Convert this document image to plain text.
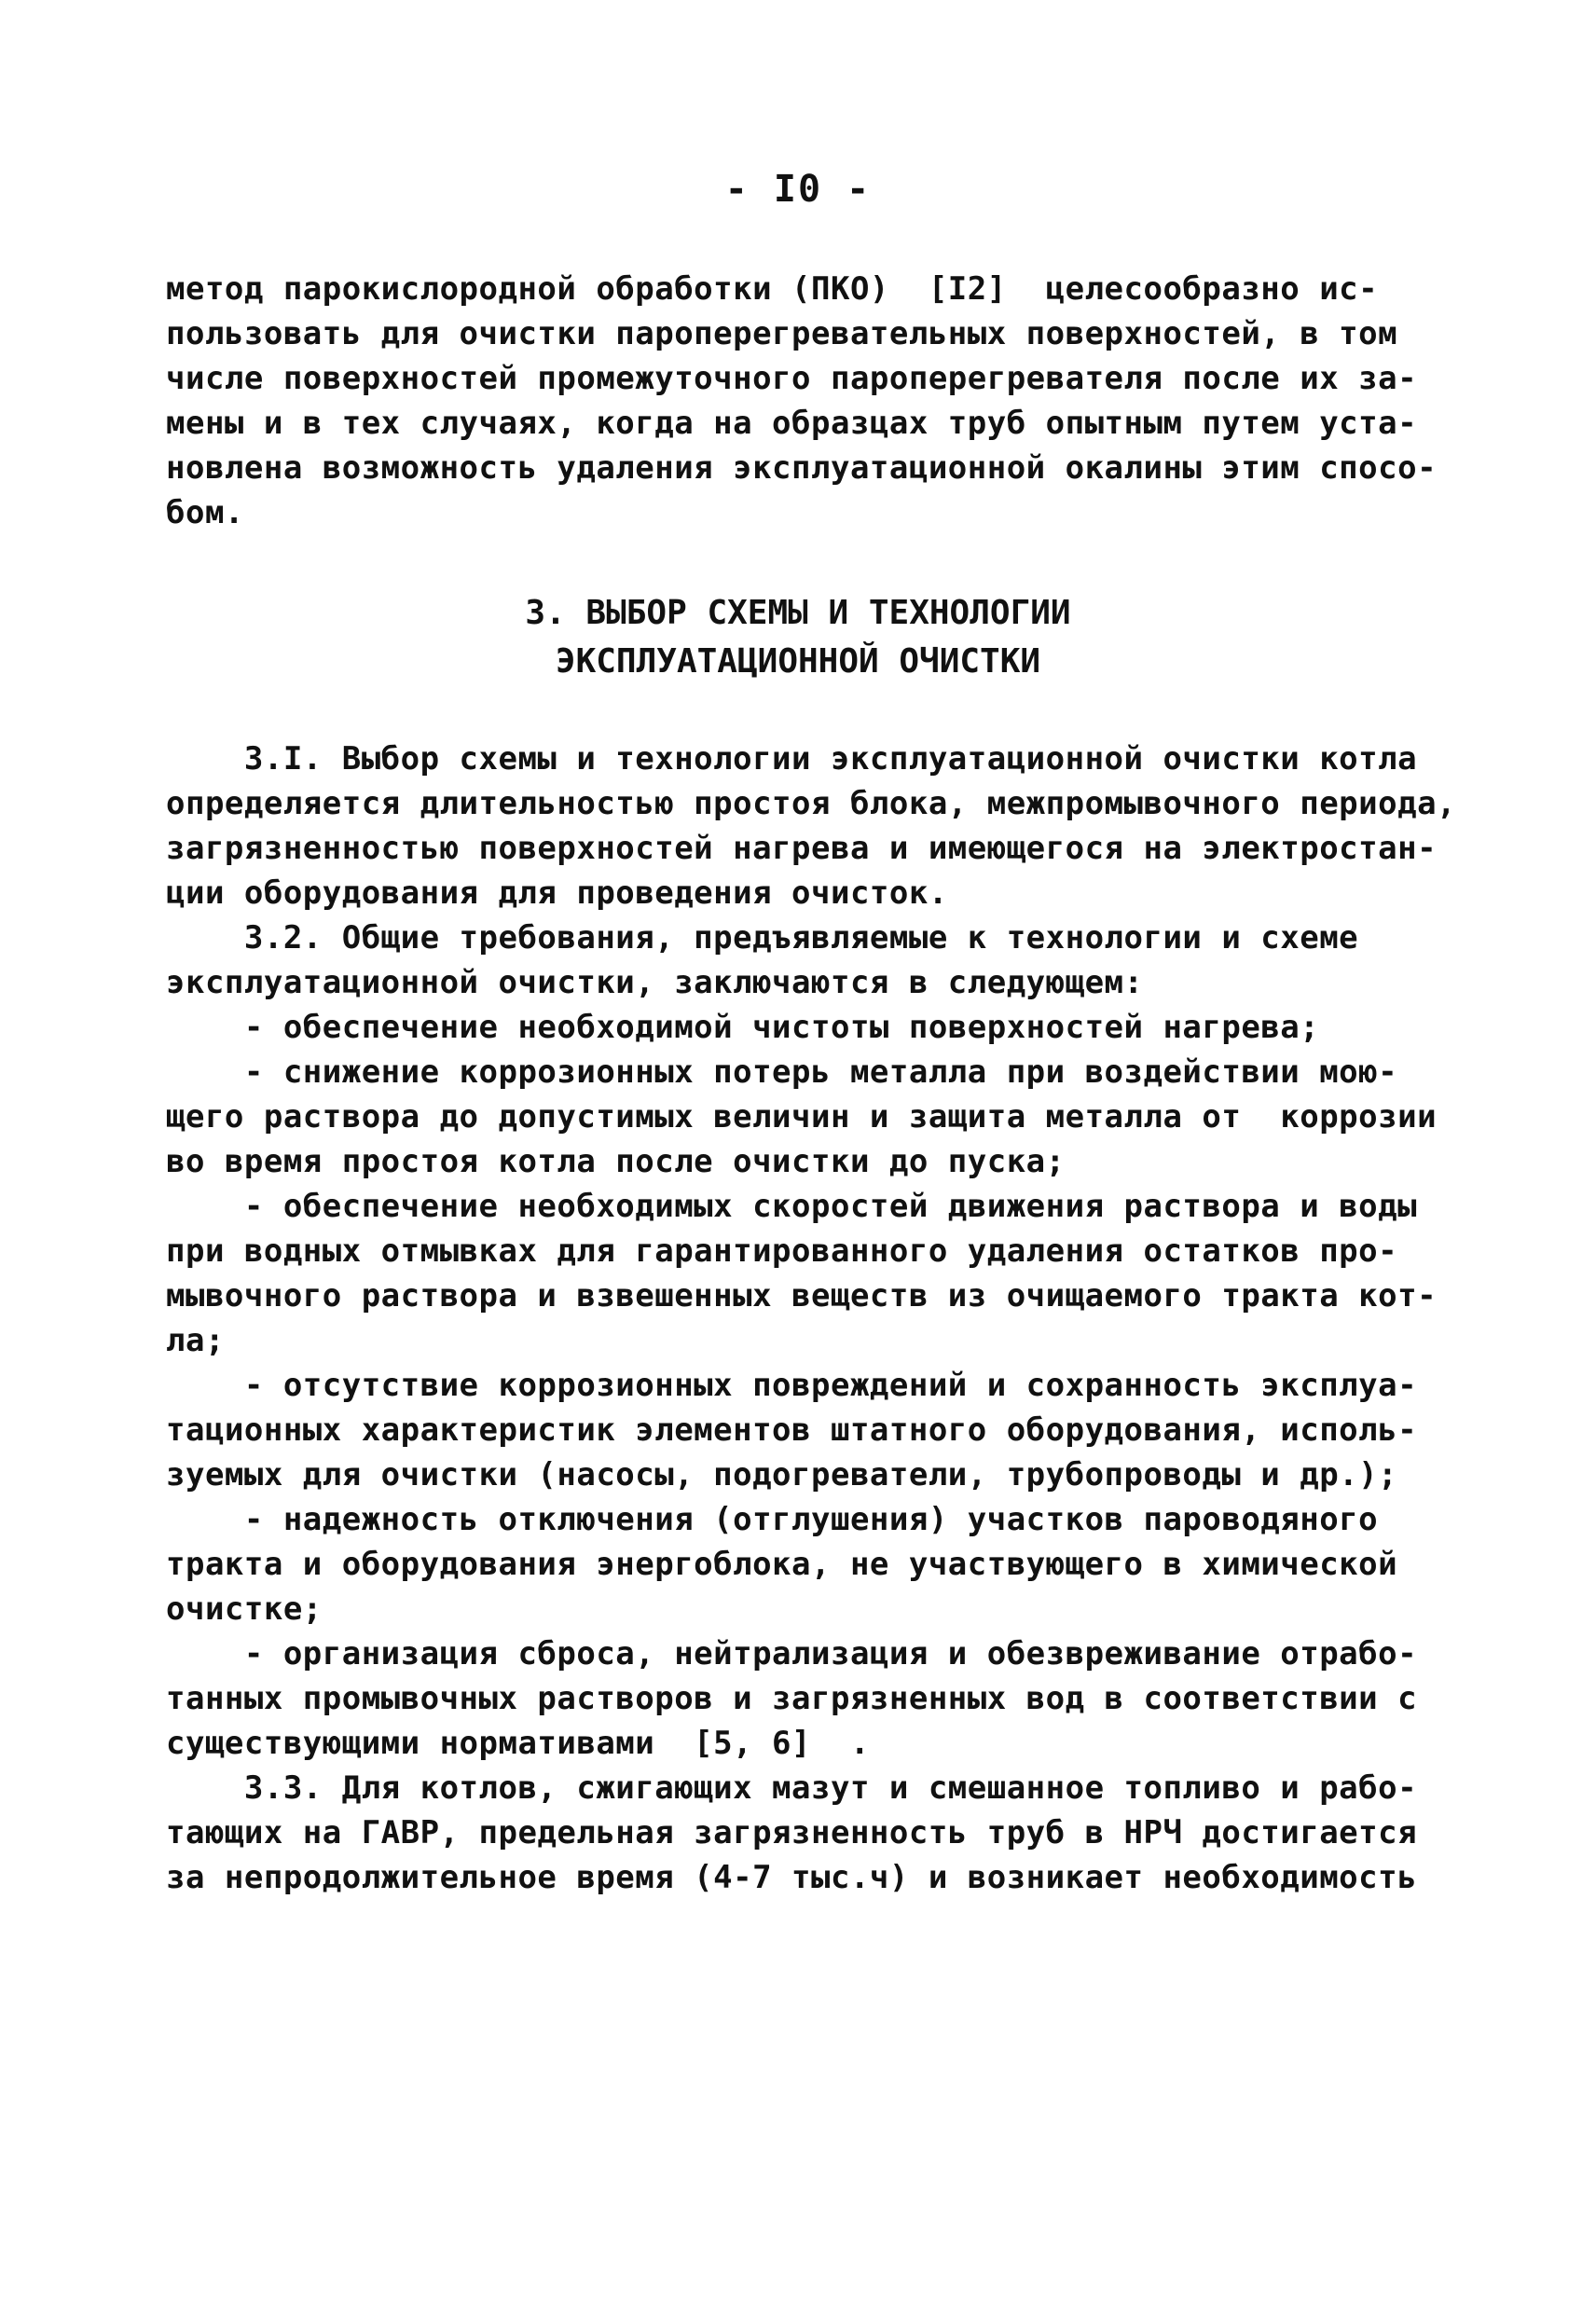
- I0 -
метод парокислородной обработки (ПКО)  [I2]  целесообразно ис-
пользовать для очистки пароперегревательных поверхностей, в том
числе поверхностей промежуточного пароперегревателя после их за-
мены и в тех случаях, когда на образцах труб опытным путем уста-
новлена возможность удаления эксплуатационной окалины этим спосо-
бом.
3. ВЫБОР СХЕМЫ И ТЕХНОЛОГИИ
ЭКСПЛУАТАЦИОННОЙ ОЧИСТКИ
3.I. Выбор схемы и технологии эксплуатационной очистки котла
определяется длительностью простоя блока, межпромывочного периода,
загрязненностью поверхностей нагрева и имеющегося на электростан-
ции оборудования для проведения очисток.
3.2. Общие требования, предъявляемые к технологии и схеме
эксплуатационной очистки, заключаются в следующем:
- обеспечение необходимой чистоты поверхностей нагрева;
- снижение коррозионных потерь металла при воздействии мою-
щего раствора до допустимых величин и защита металла от  коррозии
во время простоя котла после очистки до пуска;
- обеспечение необходимых скоростей движения раствора и воды
при водных отмывках для гарантированного удаления остатков про-
мывочного раствора и взвешенных веществ из очищаемого тракта кот-
ла;
- отсутствие коррозионных повреждений и сохранность эксплуа-
тационных характеристик элементов штатного оборудования, исполь-
зуемых для очистки (насосы, подогреватели, трубопроводы и др.);
- надежность отключения (отглушения) участков пароводяного
тракта и оборудования энергоблока, не участвующего в химической
очистке;
- организация сброса, нейтрализация и обезвреживание отрабо-
танных промывочных растворов и загрязненных вод в соответствии с
существующими нормативами  [5, 6]  .
3.3. Для котлов, сжигающих мазут и смешанное топливо и рабо-
тающих на ГАВР, предельная загрязненность труб в НРЧ достигается
за непродолжительное время (4-7 тыс.ч) и возникает необходимость
